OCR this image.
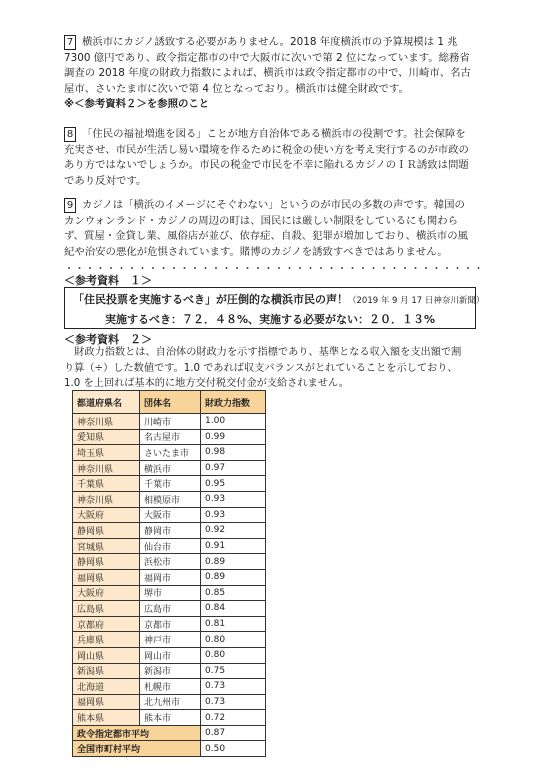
7 横浜市にカジノ誘致する必要がありません。2018 年度横浜市の予算規模は 1 兆

7300 億円であり、政令指定都市の中で大阪市に次いで第 2 位になっています。総務省

調査の 2018 年度の財政力指数によれば、横浜市は政令指定都市の中で、川崎市、名古

屋市、さいたま市に次いで第 4 位となっており。横浜市は健全財政です。

※＜参考資料２＞を参照のこと

8 「住民の福祉増進を図る」ことが地方自治体である横浜市の役割です。社会保障を

充実させ、市民が生活し易い環境を作るために税金の使い方を考え実行するのが市政の

あり方ではないでしょうか。市民の税金で市民を不幸に陥れるカジノのＩＲ誘致は問題

であり反対です。

9 カジノは「横浜のイメージにそぐわない」というのが市民の多数の声です。韓国の

カンウォンランド・カジノの周辺の町は、国民には厳しい制限をしているにも関わら

ず、質屋・金貸し業、風俗店が並び、依存症、自殺、犯罪が増加しており、横浜市の風

紀や治安の悪化が危惧されています。賭博のカジノを誘致すべきではありません。

・・・・・・・・・・・・・・・・・・・・・・・・・・・・・・・・・・・・・・・・
＜参考資料　１＞
「住民投票を実施するべき」が圧倒的な横浜市民の声！（2019 年 9 月 17 日神奈川新聞）
実施するべき：７２．４８%、実施する必要がない：２０．１３%
＜参考資料　２＞
　財政力指数とは、自治体の財政力を示す指標であり、基準となる収入額を支出額で割
り算（÷）した数値です。1.0 であれば収支バランスがとれていることを示しており、
1.0 を上回れば基本的に地方交付税交付金が支給されません。
都道府県名	団体名	財政力指数
神奈川県	川崎市	1.00
愛知県	名古屋市	0.99
埼玉県	さいたま市	0.98
神奈川県	横浜市	0.97
千葉県	千葉市	0.95
神奈川県	相模原市	0.93
大阪府	大阪市	0.93
静岡県	静岡市	0.92
宮城県	仙台市	0.91
静岡県	浜松市	0.89
福岡県	福岡市	0.89
大阪府	堺市	0.85
広島県	広島市	0.84
京都府	京都市	0.81
兵庫県	神戸市	0.80
岡山県	岡山市	0.80
新潟県	新潟市	0.75
北海道	札幌市	0.73
福岡県	北九州市	0.73
熊本県	熊本市	0.72
政令指定都市平均		0.87
全国市町村平均		0.50
